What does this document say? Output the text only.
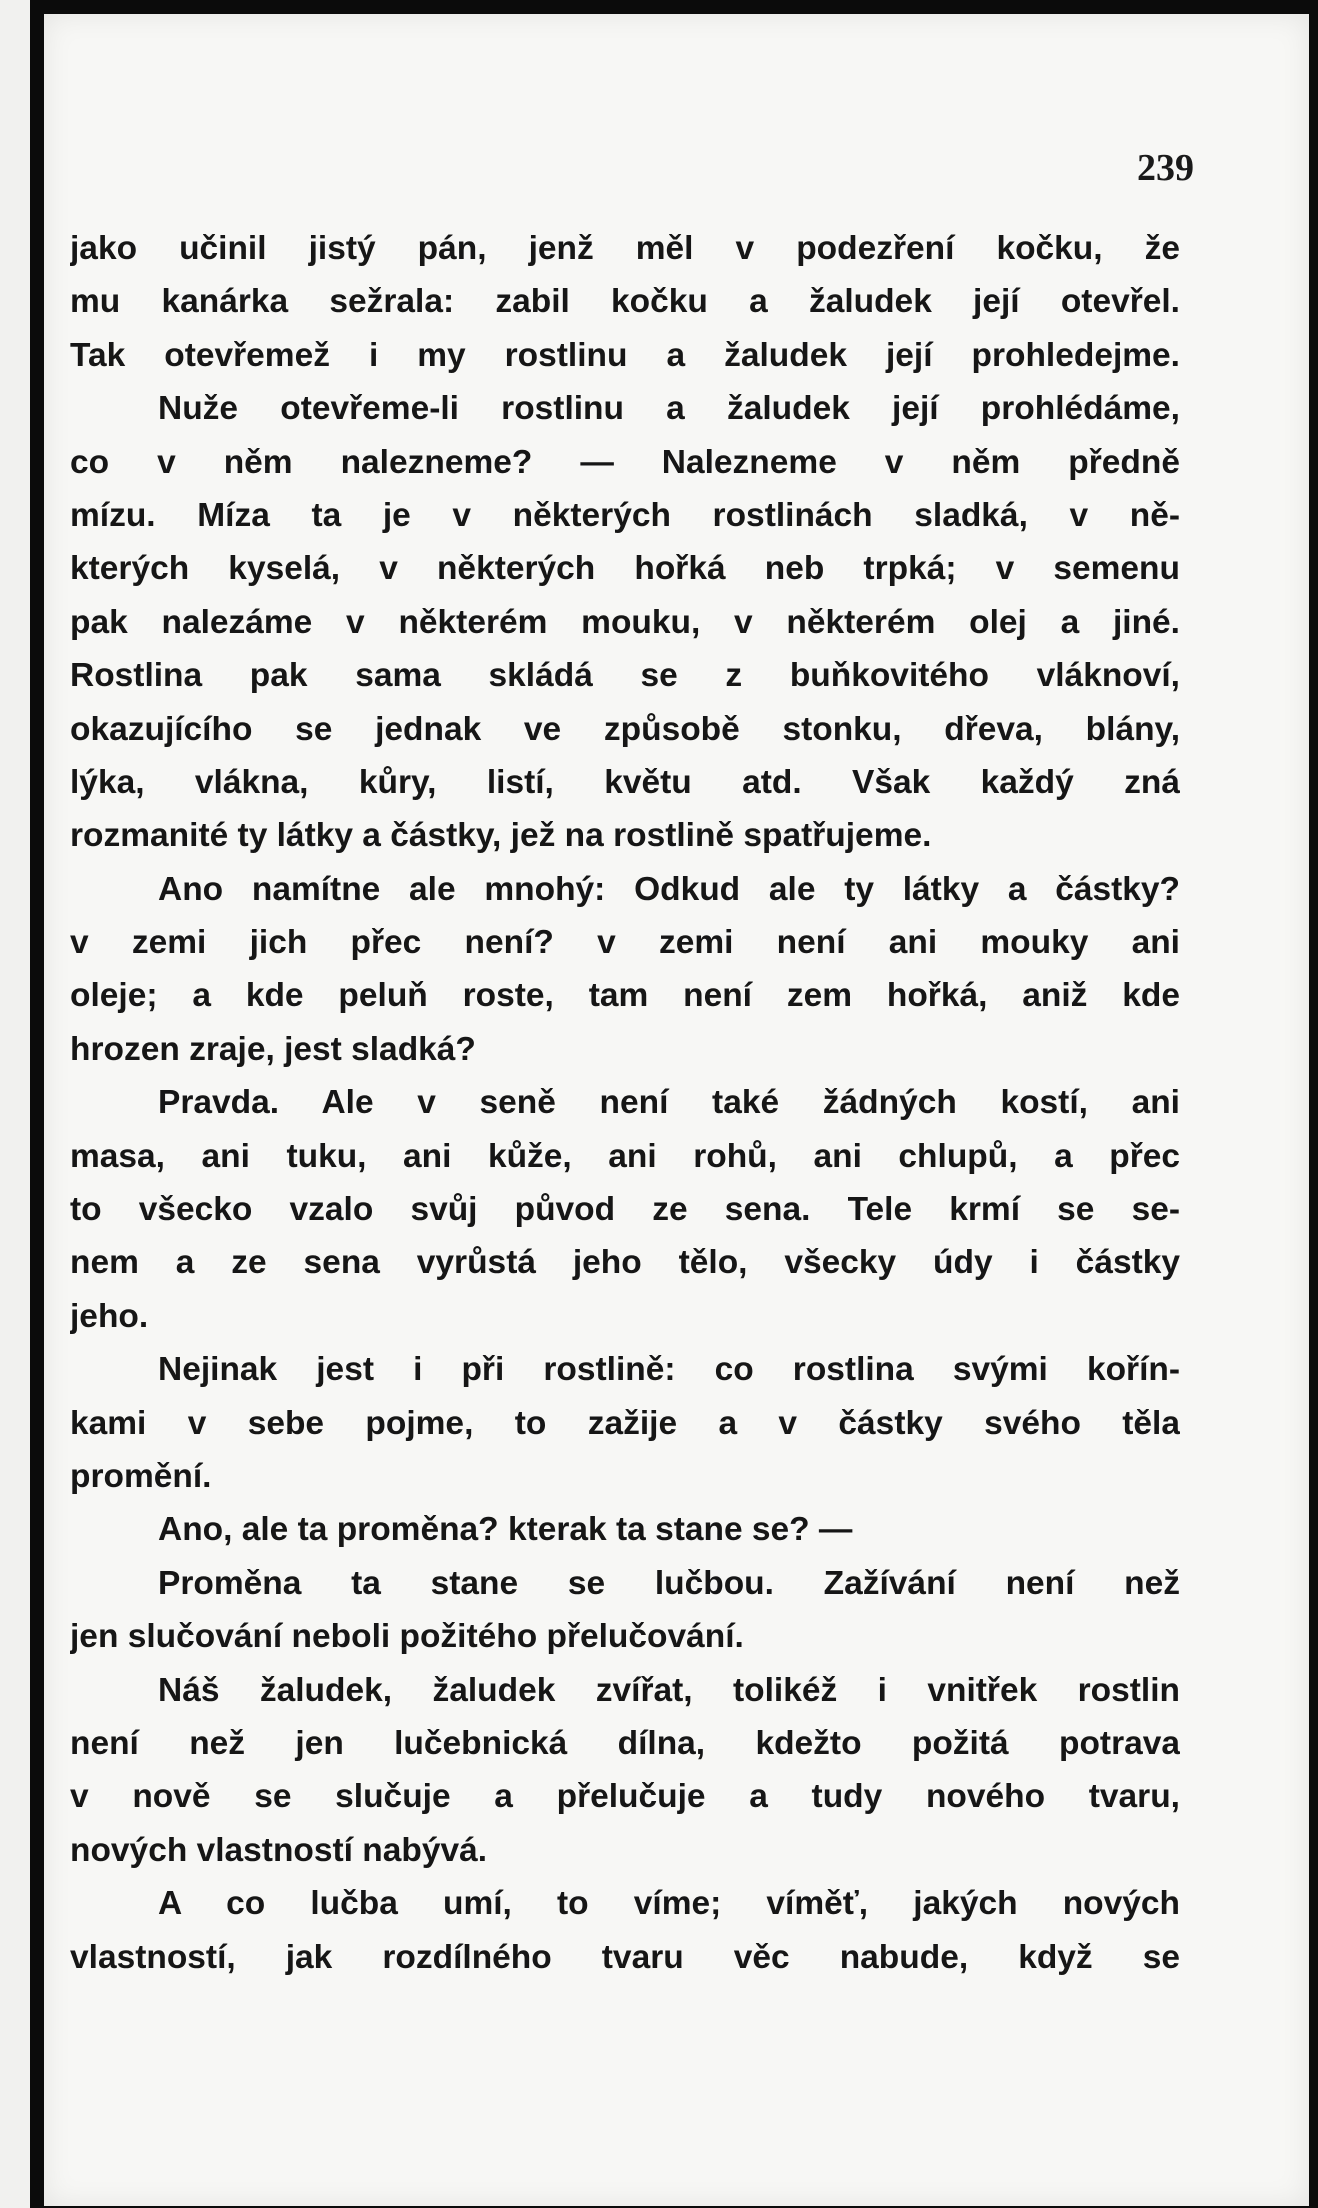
239

jako učinil jistý pán, jenž měl v podezření kočku, že
mu kanárka sežrala: zabil kočku a žaludek její otevřel.
Tak otevřemež i my rostlinu a žaludek její prohledejme.
Nuže otevřeme-li rostlinu a žaludek její prohlédáme,
co v něm nalezneme? — Nalezneme v něm předně
mízu. Míza ta je v některých rostlinách sladká, v ně-
kterých kyselá, v některých hořká neb trpká; v semenu
pak nalezáme v některém mouku, v některém olej a jiné.
Rostlina pak sama skládá se z buňkovitého vláknoví,
okazujícího se jednak ve způsobě stonku, dřeva, blány,
lýka, vlákna, kůry, listí, květu atd. Však každý zná
rozmanité ty látky a částky, jež na rostlině spatřujeme.
Ano namítne ale mnohý: Odkud ale ty látky a částky?
v zemi jich přec není? v zemi není ani mouky ani
oleje; a kde peluň roste, tam není zem hořká, aniž kde
hrozen zraje, jest sladká?
Pravda. Ale v seně není také žádných kostí, ani
masa, ani tuku, ani kůže, ani rohů, ani chlupů, a přec
to všecko vzalo svůj původ ze sena. Tele krmí se se-
nem a ze sena vyrůstá jeho tělo, všecky údy i částky
jeho.
Nejinak jest i při rostlině: co rostlina svými kořín-
kami v sebe pojme, to zažije a v částky svého těla
promění.
Ano, ale ta proměna? kterak ta stane se? —
Proměna ta stane se lučbou. Zažívání není než
jen slučování neboli požitého přelučování.
Náš žaludek, žaludek zvířat, tolikéž i vnitřek rostlin
není než jen lučebnická dílna, kdežto požitá potrava
v nově se slučuje a přelučuje a tudy nového tvaru,
nových vlastností nabývá.
A co lučba umí, to víme; víměť, jakých nových
vlastností, jak rozdílného tvaru věc nabude, když se
